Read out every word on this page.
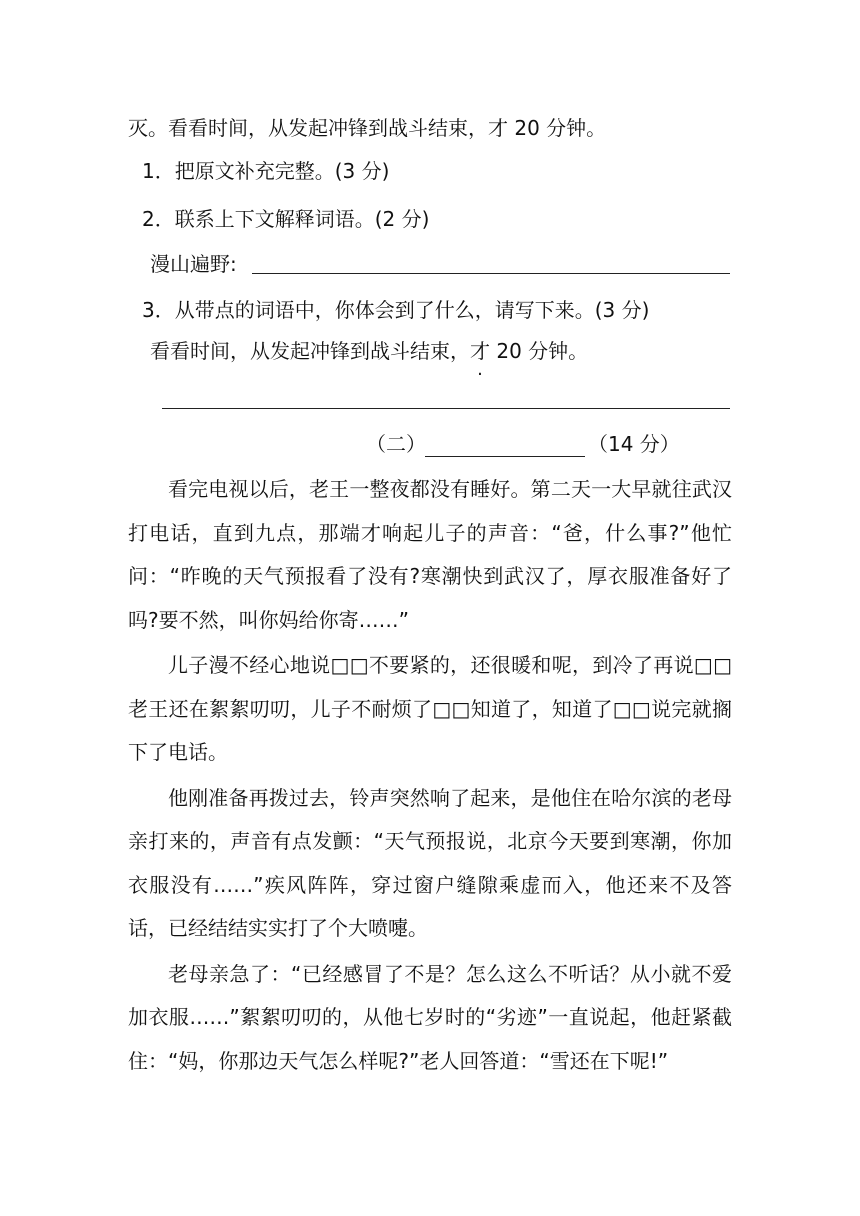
灭。看看时间，从发起冲锋到战斗结束，才 20 分钟。
1．把原文补充完整。(3 分)
2．联系上下文解释词语。(2 分)
漫山遍野:
3．从带点的词语中，你体会到了什么，请写下来。(3 分)
看看时间，从发起冲锋到战斗结束，才 20 分钟。
（二）	（14 分）

看完电视以后，老王一整夜都没有睡好。第二天一大早就往武汉打电话，直到九点，那端才响起儿子的声音：“爸，什么事?”他忙问：“昨晚的天气预报看了没有?寒潮快到武汉了，厚衣服准备好了吗?要不然，叫你妈给你寄……”

儿子漫不经心地说□□不要紧的，还很暖和呢，到冷了再说□□老王还在絮絮叨叨，儿子不耐烦了□□知道了，知道了□□说完就搁下了电话。

他刚准备再拨过去，铃声突然响了起来，是他住在哈尔滨的老母亲打来的，声音有点发颤：“天气预报说，北京今天要到寒潮，你加衣服没有……”疾风阵阵，穿过窗户缝隙乘虚而入，他还来不及答话，已经结结实实打了个大喷嚏。

老母亲急了：“已经感冒了不是？怎么这么不听话？从小就不爱加衣服……”絮絮叨叨的，从他七岁时的“劣迹”一直说起，他赶紧截住：“妈，你那边天气怎么样呢?”老人回答道：“雪还在下呢!”
